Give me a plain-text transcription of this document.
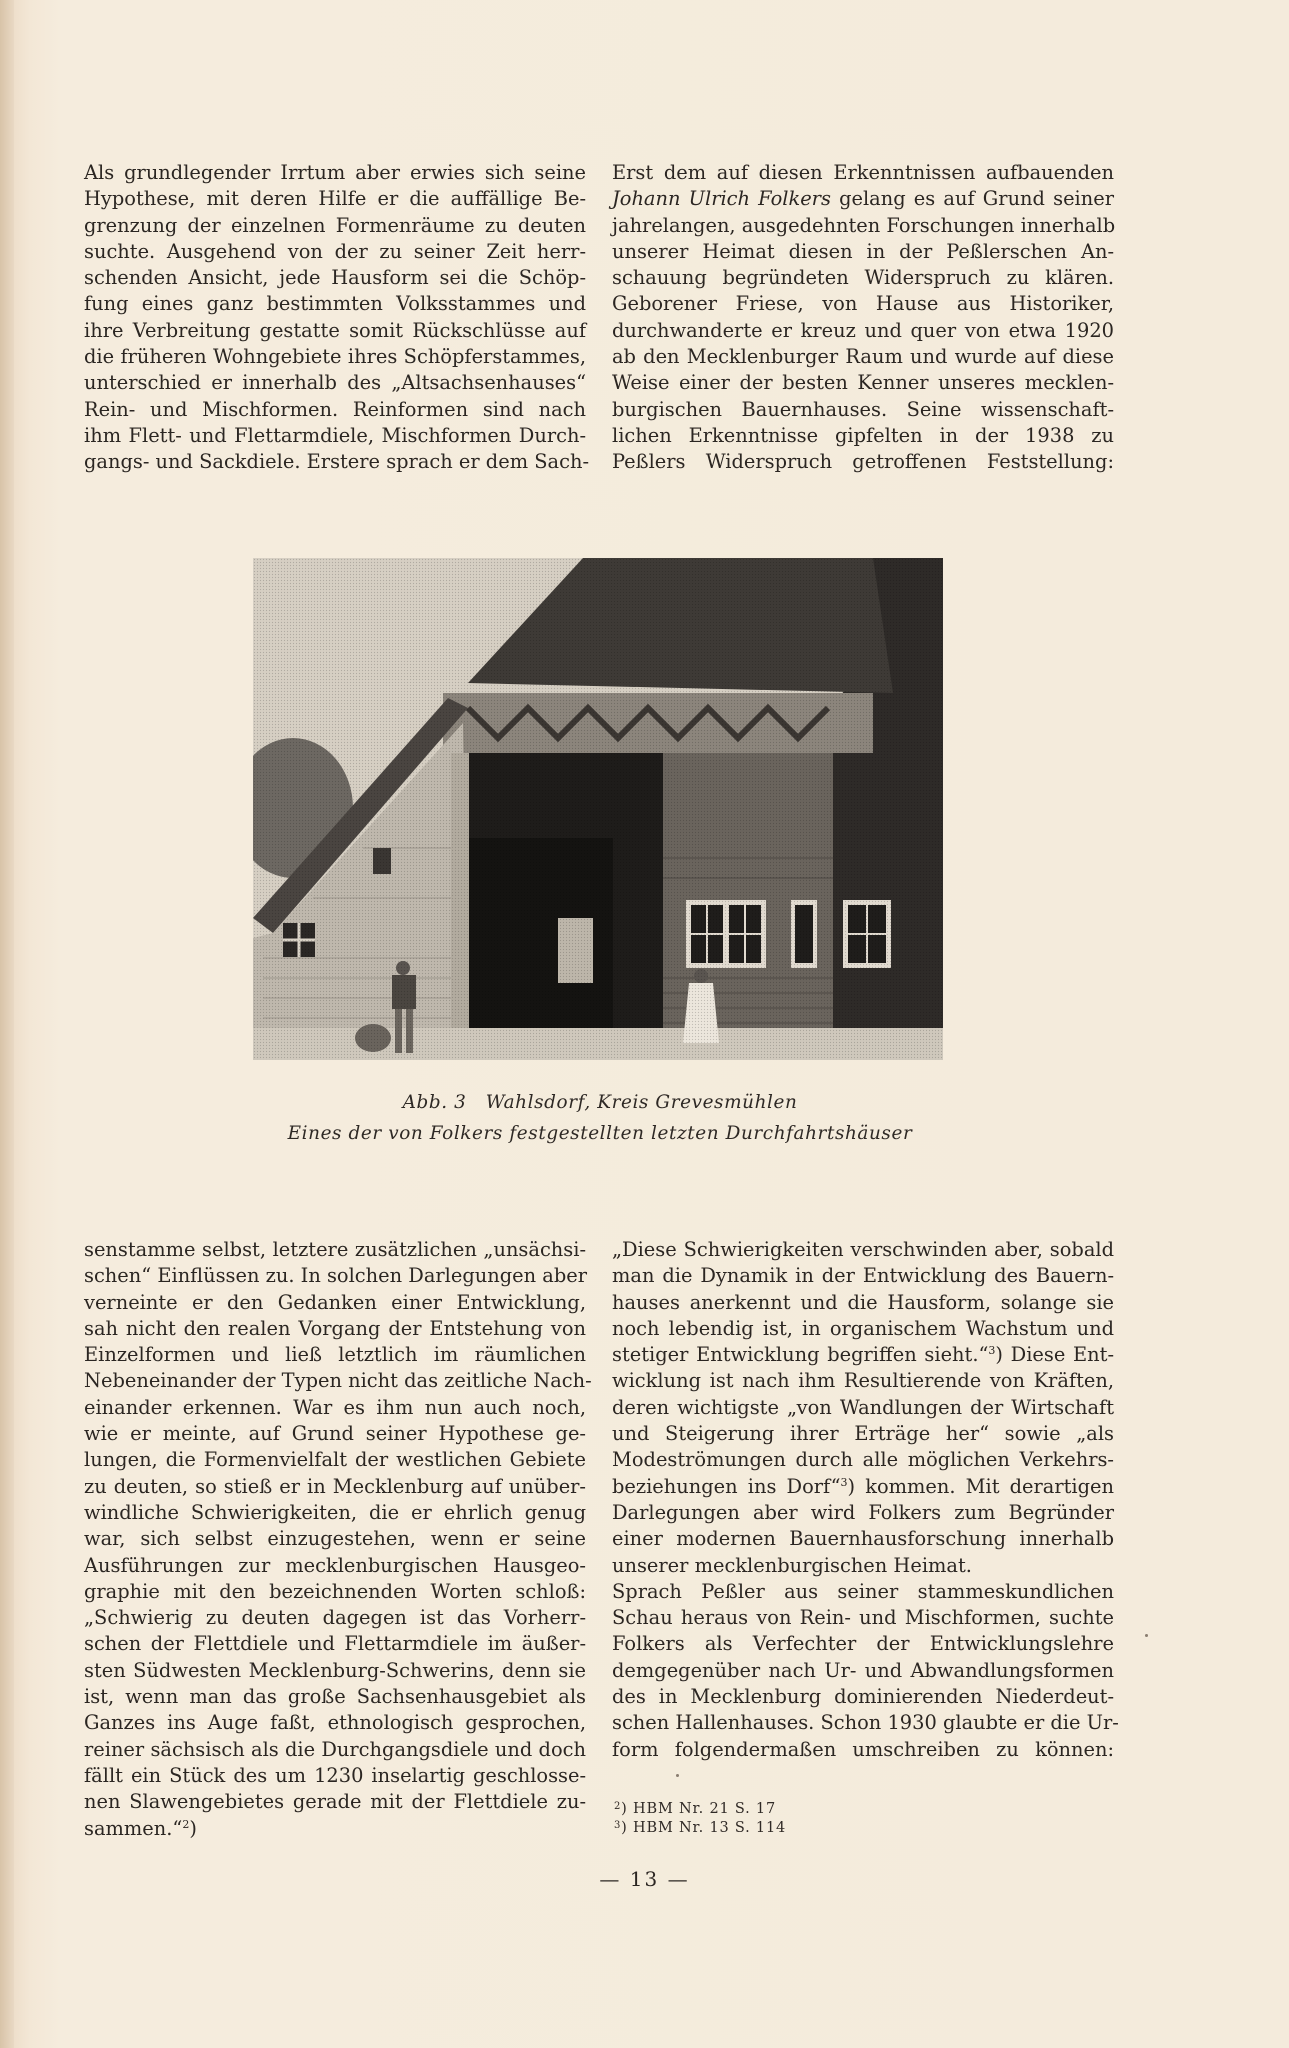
Als grundlegender Irrtum aber erwies sich seine
Hypothese, mit deren Hilfe er die auffällige Be-
grenzung der einzelnen Formenräume zu deuten
suchte. Ausgehend von der zu seiner Zeit herr-
schenden Ansicht, jede Hausform sei die Schöp-
fung eines ganz bestimmten Volksstammes und
ihre Verbreitung gestatte somit Rückschlüsse auf
die früheren Wohngebiete ihres Schöpferstammes,
unterschied er innerhalb des „Altsachsenhauses“
Rein- und Mischformen. Reinformen sind nach
ihm Flett- und Flettarmdiele, Mischformen Durch-
gangs- und Sackdiele. Erstere sprach er dem Sach-
Erst dem auf diesen Erkenntnissen aufbauenden
Johann Ulrich Folkers gelang es auf Grund seiner
jahrelangen, ausgedehnten Forschungen innerhalb
unserer Heimat diesen in der Peßlerschen An-
schauung begründeten Widerspruch zu klären.
Geborener Friese, von Hause aus Historiker,
durchwanderte er kreuz und quer von etwa 1920
ab den Mecklenburger Raum und wurde auf diese
Weise einer der besten Kenner unseres mecklen-
burgischen Bauernhauses. Seine wissenschaft-
lichen Erkenntnisse gipfelten in der 1938 zu
Peßlers Widerspruch getroffenen Feststellung:
Abb. 3   Wahlsdorf, Kreis Grevesmühlen
Eines der von Folkers festgestellten letzten Durchfahrtshäuser
senstamme selbst, letztere zusätzlichen „unsächsi-
schen“ Einflüssen zu. In solchen Darlegungen aber
verneinte er den Gedanken einer Entwicklung,
sah nicht den realen Vorgang der Entstehung von
Einzelformen und ließ letztlich im räumlichen
Nebeneinander der Typen nicht das zeitliche Nach-
einander erkennen. War es ihm nun auch noch,
wie er meinte, auf Grund seiner Hypothese ge-
lungen, die Formenvielfalt der westlichen Gebiete
zu deuten, so stieß er in Mecklenburg auf unüber-
windliche Schwierigkeiten, die er ehrlich genug
war, sich selbst einzugestehen, wenn er seine
Ausführungen zur mecklenburgischen Hausgeo-
graphie mit den bezeichnenden Worten schloß:
„Schwierig zu deuten dagegen ist das Vorherr-
schen der Flettdiele und Flettarmdiele im äußer-
sten Südwesten Mecklenburg-Schwerins, denn sie
ist, wenn man das große Sachsenhausgebiet als
Ganzes ins Auge faßt, ethnologisch gesprochen,
reiner sächsisch als die Durchgangsdiele und doch
fällt ein Stück des um 1230 inselartig geschlosse-
nen Slawengebietes gerade mit der Flettdiele zu-
sammen.“$^2$)
„Diese Schwierigkeiten verschwinden aber, sobald
man die Dynamik in der Entwicklung des Bauern-
hauses anerkennt und die Hausform, solange sie
noch lebendig ist, in organischem Wachstum und
stetiger Entwicklung begriffen sieht.“$^3$) Diese Ent-
wicklung ist nach ihm Resultierende von Kräften,
deren wichtigste „von Wandlungen der Wirtschaft
und Steigerung ihrer Erträge her“ sowie „als
Modeströmungen durch alle möglichen Verkehrs-
beziehungen ins Dorf“$^3$) kommen. Mit derartigen
Darlegungen aber wird Folkers zum Begründer
einer modernen Bauernhausforschung innerhalb
unserer mecklenburgischen Heimat.
Sprach Peßler aus seiner stammeskundlichen
Schau heraus von Rein- und Mischformen, suchte
Folkers als Verfechter der Entwicklungslehre
demgegenüber nach Ur- und Abwandlungsformen
des in Mecklenburg dominierenden Niederdeut-
schen Hallenhauses. Schon 1930 glaubte er die Ur-
form folgendermaßen umschreiben zu können:
$^2$) HBM Nr. 21 S. 17
$^3$) HBM Nr. 13 S. 114
— 13 —
